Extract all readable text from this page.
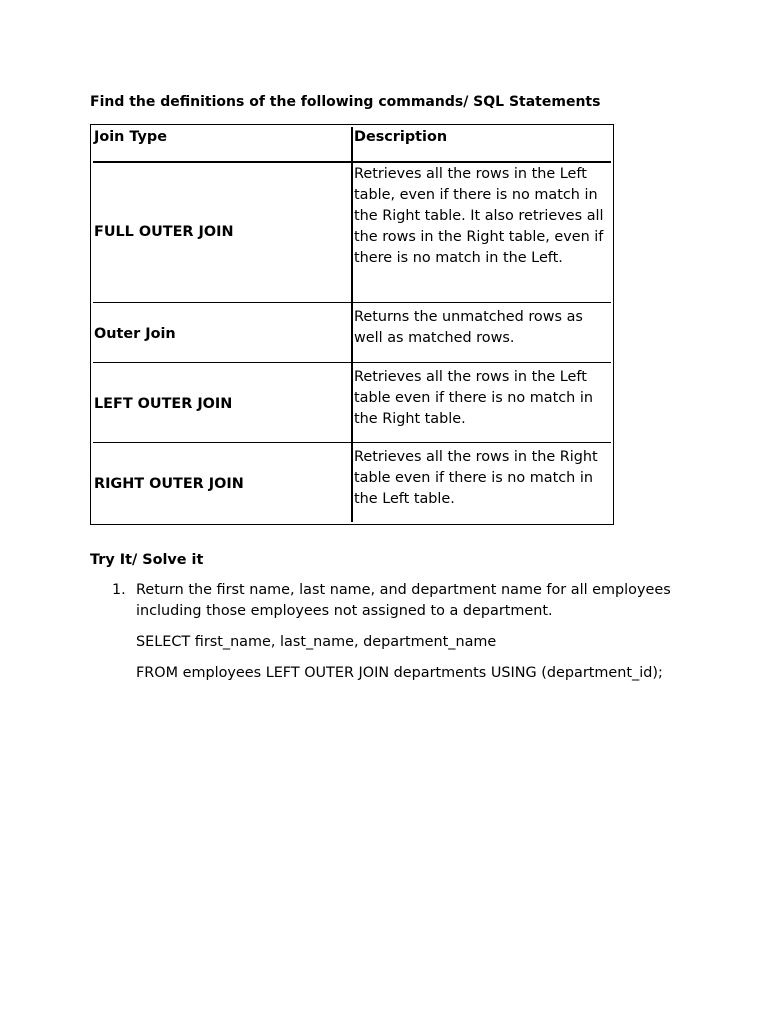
Find the definitions of the following commands/ SQL Statements
Join Type	Description
FULL OUTER JOIN	Retrieves all the rows in the Left table, even if there is no match in the Right table. It also retrieves all the rows in the Right table, even if there is no match in the Left.

Outer Join	Returns the unmatched rows as well as matched rows.

LEFT OUTER JOIN	Retrieves all the rows in the Left table even if there is no match in the Right table.

RIGHT OUTER JOIN	Retrieves all the rows in the Right table even if there is no match in the Left table.
Try It/ Solve it
1. Return the first name, last name, and department name for all employees including those employees not assigned to a department.
SELECT first_name, last_name, department_name
FROM employees LEFT OUTER JOIN departments USING (department_id);
